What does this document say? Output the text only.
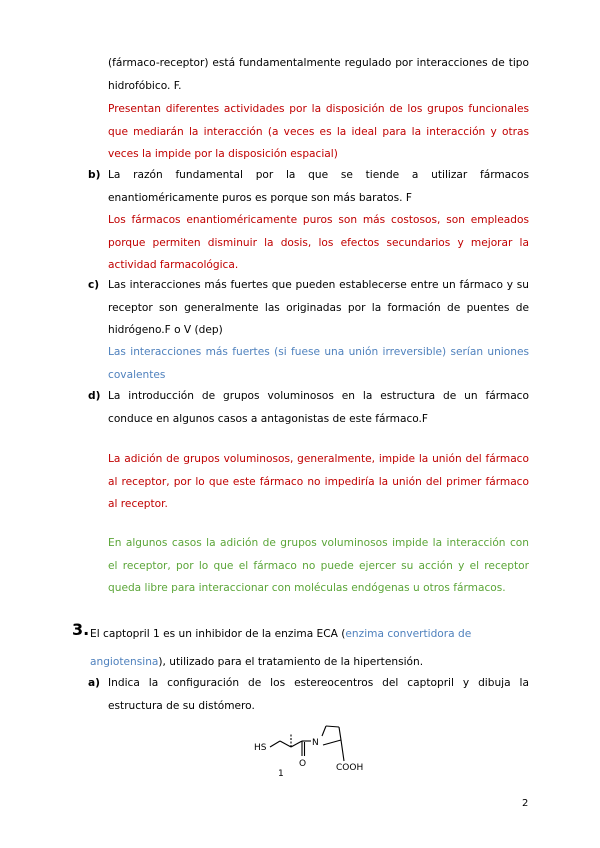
(fármaco-receptor) está fundamentalmente regulado por interacciones de tipo hidrofóbico. F.
Presentan diferentes actividades por la disposición de los grupos funcionales que mediarán la interacción (a veces es la ideal para la interacción y otras veces la impide por la disposición espacial)
b) La razón fundamental por la que se tiende a utilizar fármacos enantioméricamente puros es porque son más baratos. F
Los fármacos enantioméricamente puros son más costosos, son empleados porque permiten disminuir la dosis, los efectos secundarios y mejorar la actividad farmacológica.
c) Las interacciones más fuertes que pueden establecerse entre un fármaco y su receptor son generalmente las originadas por la formación de puentes de hidrógeno.F o V (dep)
Las interacciones más fuertes (si fuese una unión irreversible) serían uniones covalentes
d) La introducción de grupos voluminosos en la estructura de un fármaco conduce en algunos casos a antagonistas de este fármaco.F
La adición de grupos voluminosos, generalmente, impide la unión del fármaco al receptor, por lo que este fármaco no impediría la unión del primer fármaco al receptor.
En algunos casos la adición de grupos voluminosos impide la interacción con el receptor, por lo que el fármaco no puede ejercer su acción y el receptor queda libre para interaccionar con moléculas endógenas u otros fármacos.
3. El captopril 1 es un inhibidor de la enzima ECA (enzima convertidora de angiotensina), utilizado para el tratamiento de la hipertensión.
a) Indica la configuración de los estereocentros del captopril y dibuja la estructura de su distómero.
HS	N
O	COOH
1
2
